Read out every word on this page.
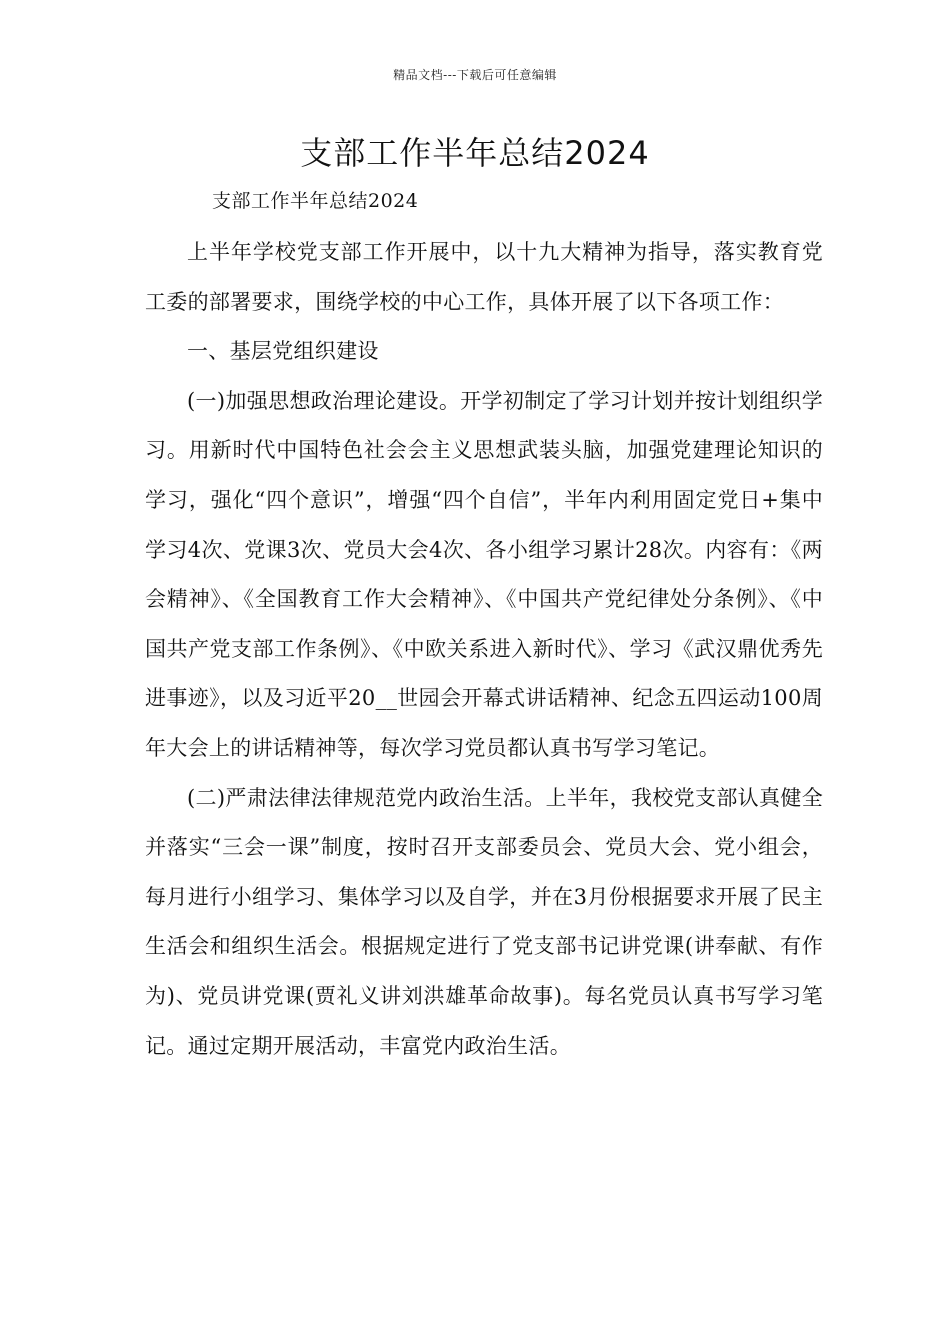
精品文档---下载后可任意编辑
支部工作半年总结2024
支部工作半年总结2024

上半年学校党支部工作开展中，以十九大精神为指导，落实教育党工委的部署要求，围绕学校的中心工作，具体开展了以下各项工作：

一、基层党组织建设

(一)加强思想政治理论建设。开学初制定了学习计划并按计划组织学习。用新时代中国特色社会会主义思想武装头脑，加强党建理论知识的学习，强化“四个意识”，增强“四个自信”，半年内利用固定党日+集中学习4次、党课3次、党员大会4次、各小组学习累计28次。内容有：《两会精神》、《全国教育工作大会精神》、《中国共产党纪律处分条例》、《中国共产党支部工作条例》、《中欧关系进入新时代》、学习《武汉鼎优秀先进事迹》，以及习近平20__世园会开幕式讲话精神、纪念五四运动100周年大会上的讲话精神等，每次学习党员都认真书写学习笔记。

(二)严肃法律法律规范党内政治生活。上半年，我校党支部认真健全并落实“三会一课”制度，按时召开支部委员会、党员大会、党小组会，每月进行小组学习、集体学习以及自学，并在3月份根据要求开展了民主生活会和组织生活会。根据规定进行了党支部书记讲党课(讲奉献、有作为)、党员讲党课(贾礼义讲刘洪雄革命故事)。每名党员认真书写学习笔记。通过定期开展活动，丰富党内政治生活。
